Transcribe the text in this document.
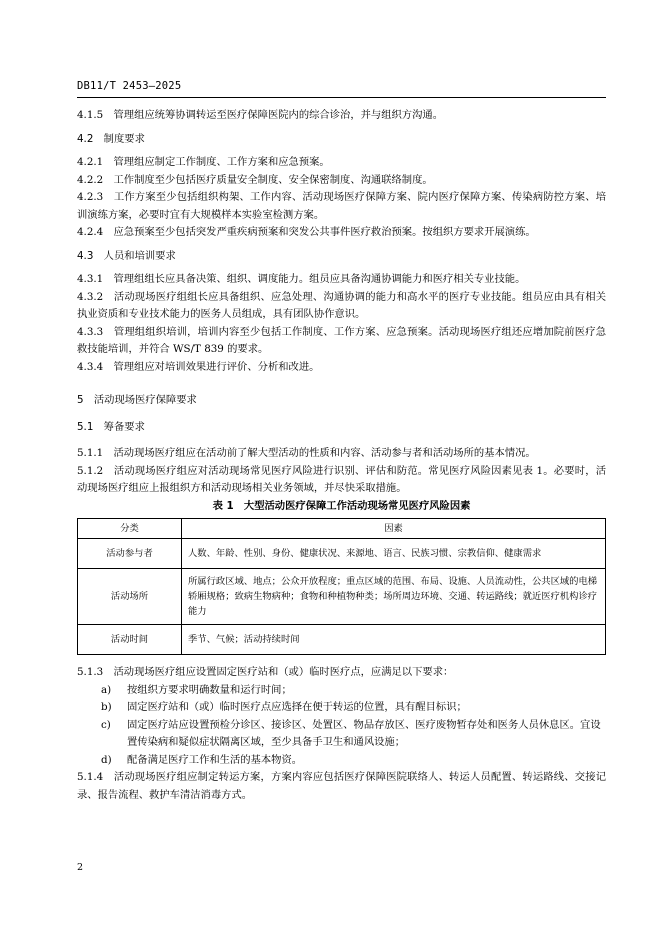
DB11/T 2453—2025

4.1.5　管理组应统筹协调转运至医疗保障医院内的综合诊治，并与组织方沟通。

4.2　制度要求

4.2.1　管理组应制定工作制度、工作方案和应急预案。

4.2.2　工作制度至少包括医疗质量安全制度、安全保密制度、沟通联络制度。

4.2.3　工作方案至少包括组织构架、工作内容、活动现场医疗保障方案、院内医疗保障方案、传染病防控方案、培训演练方案，必要时宜有大规模样本实验室检测方案。

4.2.4　应急预案至少包括突发严重疾病预案和突发公共事件医疗救治预案。按组织方要求开展演练。

4.3　人员和培训要求

4.3.1　管理组组长应具备决策、组织、调度能力。组员应具备沟通协调能力和医疗相关专业技能。

4.3.2　活动现场医疗组组长应具备组织、应急处理、沟通协调的能力和高水平的医疗专业技能。组员应由具有相关执业资质和专业技术能力的医务人员组成，具有团队协作意识。

4.3.3　管理组组织培训，培训内容至少包括工作制度、工作方案、应急预案。活动现场医疗组还应增加院前医疗急救技能培训，并符合 WS/T 839 的要求。

4.3.4　管理组应对培训效果进行评价、分析和改进。

5　活动现场医疗保障要求

5.1　筹备要求

5.1.1　活动现场医疗组应在活动前了解大型活动的性质和内容、活动参与者和活动场所的基本情况。

5.1.2　活动现场医疗组应对活动现场常见医疗风险进行识别、评估和防范。常见医疗风险因素见表 1。必要时，活动现场医疗组应上报组织方和活动现场相关业务领域，并尽快采取措施。

表 1　大型活动医疗保障工作活动现场常见医疗风险因素

分类	因素
活动参与者	人数、年龄、性别、身份、健康状况、来源地、语言、民族习惯、宗教信仰、健康需求
活动场所	所属行政区域、地点；公众开放程度；重点区域的范围、布局、设施、人员流动性，公共区域的电梯轿厢规格；致病生物病种；食物和种植物种类；场所周边环境、交通、转运路线；就近医疗机构诊疗能力
活动时间	季节、气候；活动持续时间

5.1.3　活动现场医疗组应设置固定医疗站和（或）临时医疗点，应满足以下要求：

a)	按组织方要求明确数量和运行时间；
b)	固定医疗站和（或）临时医疗点应选择在便于转运的位置，具有醒目标识；
c)	固定医疗站应设置预检分诊区、接诊区、处置区、物品存放区、医疗废物暂存处和医务人员休息区。宜设置传染病和疑似症状隔离区域，至少具备手卫生和通风设施；
d)	配备满足医疗工作和生活的基本物资。

5.1.4　活动现场医疗组应制定转运方案，方案内容应包括医疗保障医院联络人、转运人员配置、转运路线、交接记录、报告流程、救护车清洁消毒方式。

2
